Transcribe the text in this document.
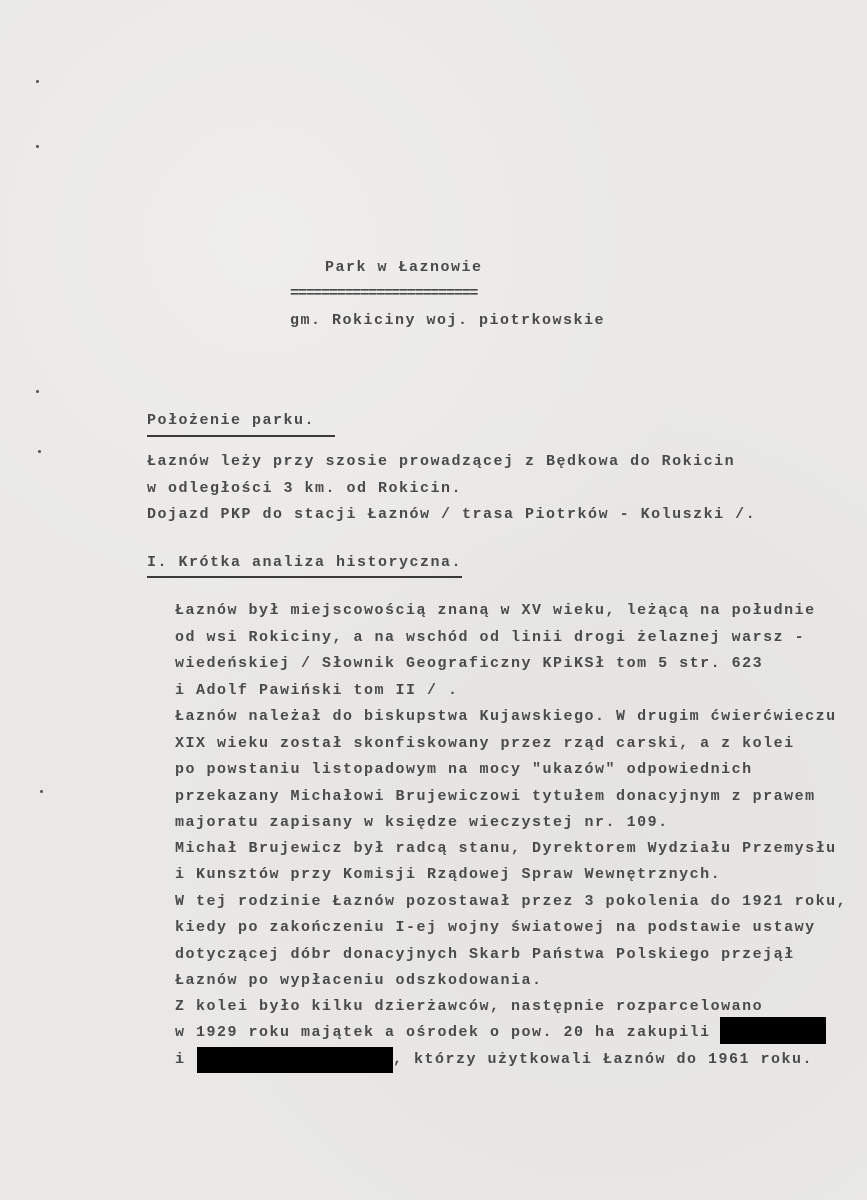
Park w Łaznowie
========================
gm. Rokiciny woj. piotrkowskie
Położenie parku.
Łaznów leży przy szosie prowadzącej z Będkowa do Rokicin
w odległości 3 km. od Rokicin.
Dojazd PKP do stacji Łaznów / trasa Piotrków - Koluszki /.
I. Krótka analiza historyczna.
Łaznów był miejscowością znaną w XV wieku, leżącą na południe
od wsi Rokiciny, a na wschód od linii drogi żelaznej warsz -
wiedeńskiej / Słownik Geograficzny KPiKSł tom 5 str. 623
i Adolf Pawiński tom II / .
Łaznów należał do biskupstwa Kujawskiego. W drugim ćwierćwieczu
XIX wieku został skonfiskowany przez rząd carski, a z kolei
po powstaniu listopadowym na mocy "ukazów" odpowiednich
przekazany Michałowi Brujewiczowi tytułem donacyjnym z prawem
majoratu zapisany w księdze wieczystej nr. 109.
Michał Brujewicz był radcą stanu, Dyrektorem Wydziału Przemysłu
i Kunsztów przy Komisji Rządowej Spraw Wewnętrznych.
W tej rodzinie Łaznów pozostawał przez 3 pokolenia do 1921 roku,
kiedy po zakończeniu I-ej wojny światowej na podstawie ustawy
dotyczącej dóbr donacyjnych Skarb Państwa Polskiego przejął
Łaznów po wypłaceniu odszkodowania.
Z kolei było kilku dzierżawców, następnie rozparcelowano
w 1929 roku majątek a ośrodek o pow. 20 ha zakupili
i	, którzy użytkowali Łaznów do 1961 roku.
